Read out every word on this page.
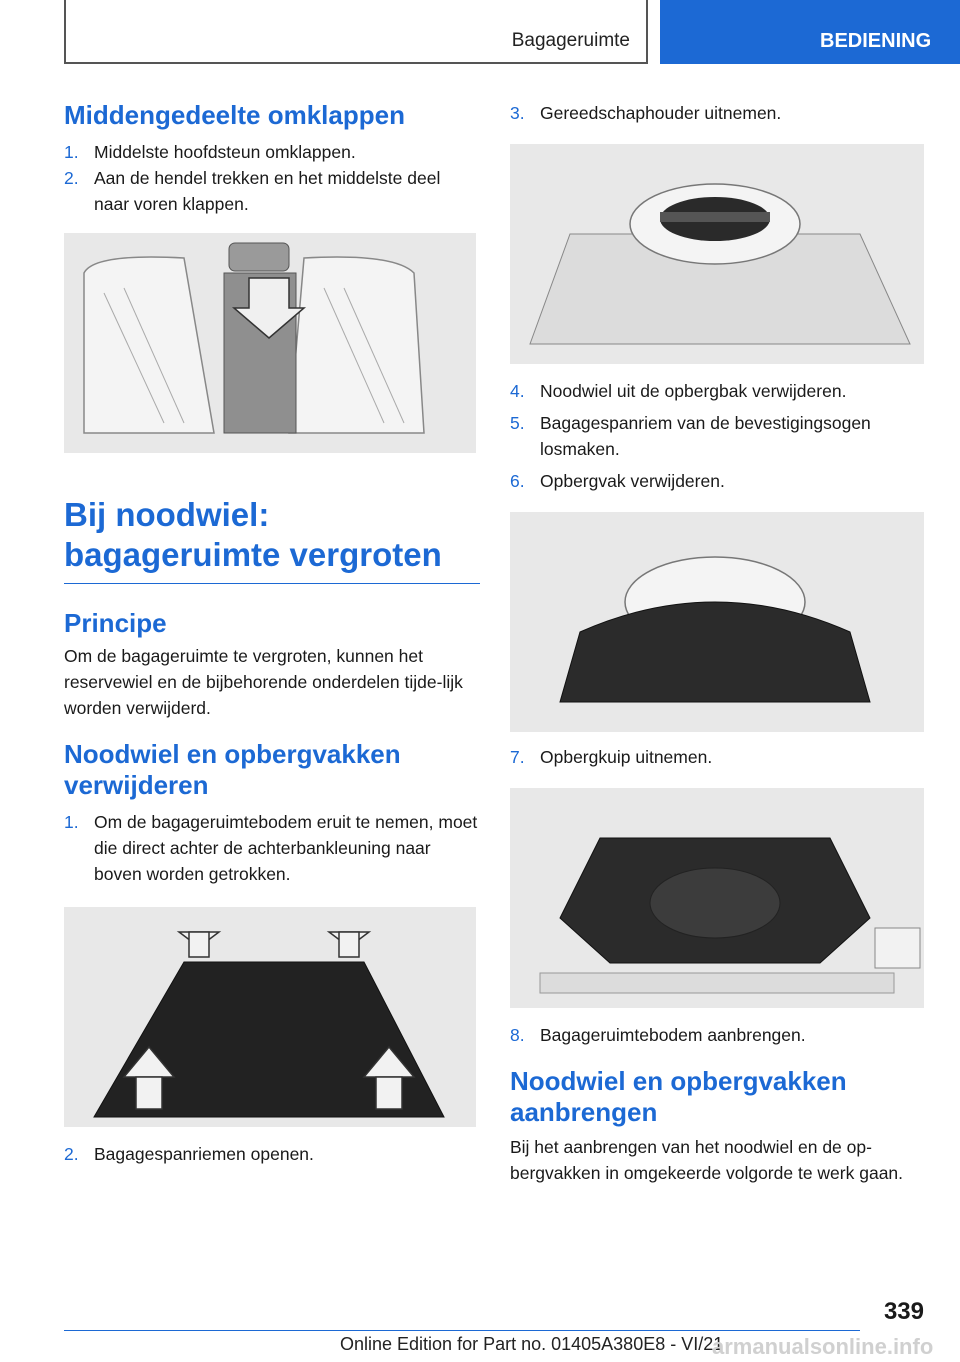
Bagageruimte	BEDIENING
Middengedeelte omklappen
1. Middelste hoofdsteun omklappen.
2. Aan de hendel trekken en het middelste deel naar voren klappen.
Bij noodwiel: bagageruimte vergroten
Principe

Om de bagageruimte te vergroten, kunnen het reservewiel en de bijbehorende onderdelen tijde-lijk worden verwijderd.

Noodwiel en opbergvakken verwijderen
1. Om de bagageruimtebodem eruit te nemen, moet die direct achter de achterbankleuning naar boven worden getrokken.
2. Bagagespanriemen openen.
3. Gereedschaphouder uitnemen.
4. Noodwiel uit de opbergbak verwijderen.
5. Bagagespanriem van de bevestigingsogen losmaken.
6. Opbergvak verwijderen.
7. Opbergkuip uitnemen.
8. Bagageruimtebodem aanbrengen.
Noodwiel en opbergvakken aanbrengen

Bij het aanbrengen van het noodwiel en de op-bergvakken in omgekeerde volgorde te werk gaan.

339
Online Edition for Part no. 01405A380E8 - VI/21
armanualsonline.info
